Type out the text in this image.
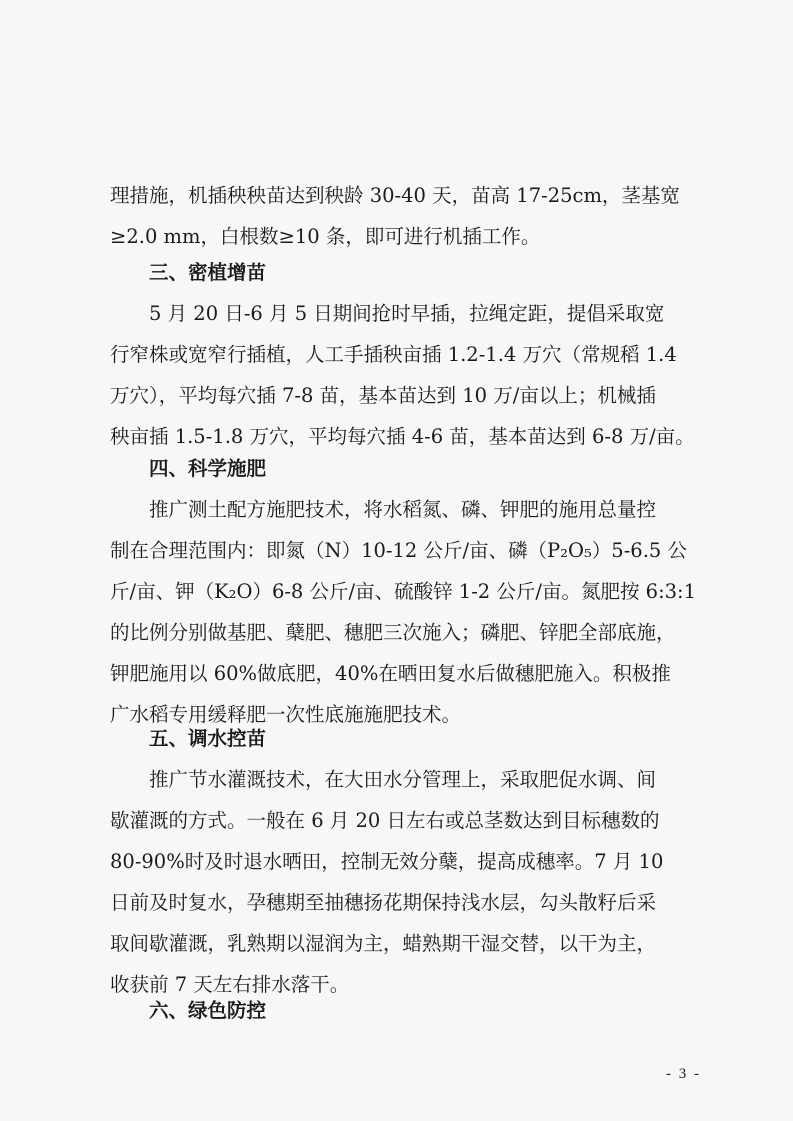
理措施，机插秧秧苗达到秧龄 30-40 天，苗高 17-25cm，茎基宽
≥2.0 mm，白根数≥10 条，即可进行机插工作。

三、密植增苗

5 月 20 日-6 月 5 日期间抢时早插，拉绳定距，提倡采取宽
行窄株或宽窄行插植，人工手插秧亩插 1.2-1.4 万穴（常规稻 1.4
万穴），平均每穴插 7-8 苗，基本苗达到 10 万/亩以上；机械插
秧亩插 1.5-1.8 万穴，平均每穴插 4-6 苗，基本苗达到 6-8 万/亩。

四、科学施肥

推广测土配方施肥技术，将水稻氮、磷、钾肥的施用总量控
制在合理范围内：即氮（N）10-12 公斤/亩、磷（P₂O₅）5-6.5 公
斤/亩、钾（K₂O）6-8 公斤/亩、硫酸锌 1-2 公斤/亩。氮肥按 6:3:1
的比例分别做基肥、蘖肥、穗肥三次施入；磷肥、锌肥全部底施，
钾肥施用以 60%做底肥，40%在晒田复水后做穗肥施入。积极推
广水稻专用缓释肥一次性底施施肥技术。

五、调水控苗

推广节水灌溉技术，在大田水分管理上，采取肥促水调、间
歇灌溉的方式。一般在 6 月 20 日左右或总茎数达到目标穗数的
80-90%时及时退水晒田，控制无效分蘖，提高成穗率。7 月 10
日前及时复水，孕穗期至抽穗扬花期保持浅水层，勾头散籽后采
取间歇灌溉，乳熟期以湿润为主，蜡熟期干湿交替，以干为主，
收获前 7 天左右排水落干。

六、绿色防控
- 3 -
